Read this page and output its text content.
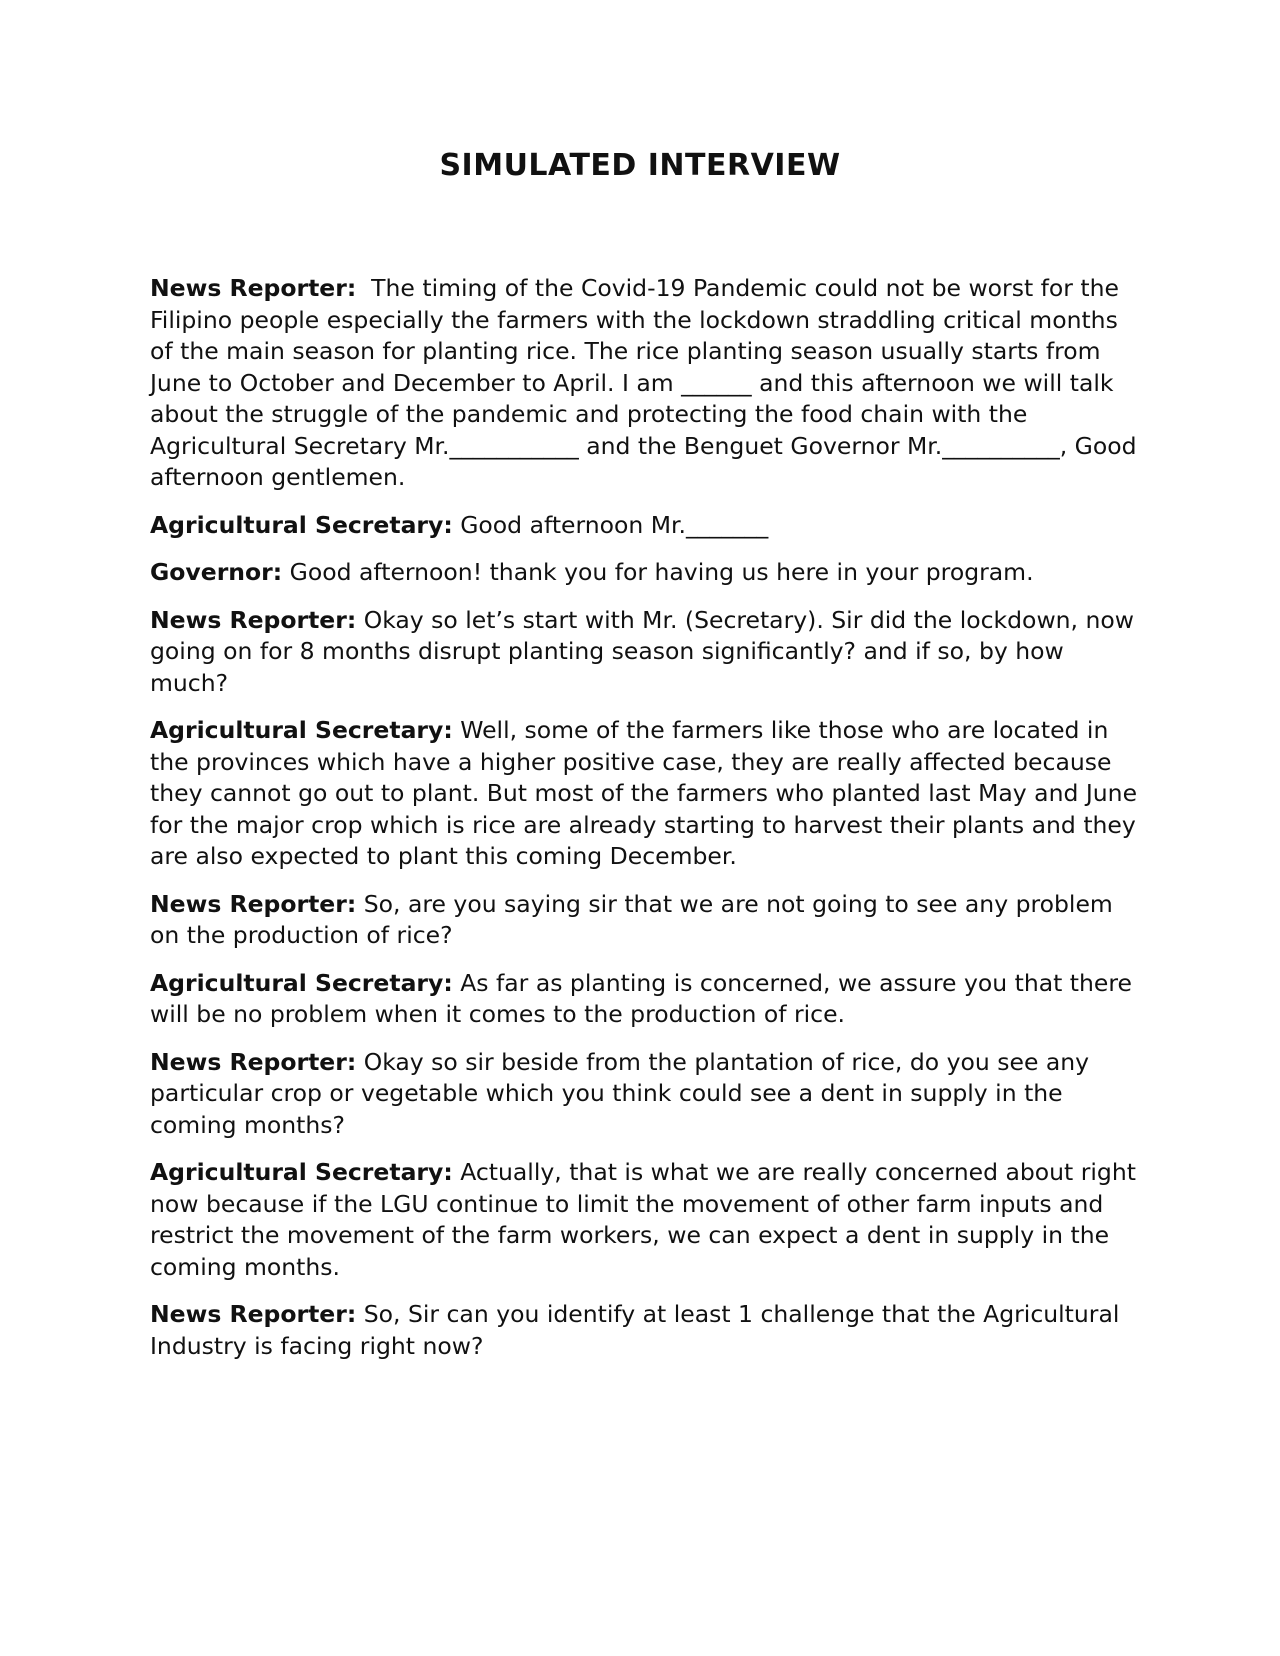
SIMULATED INTERVIEW

News Reporter:  The timing of the Covid-19 Pandemic could not be worst for the Filipino people especially the farmers with the lockdown straddling critical months of the main season for planting rice. The rice planting season usually starts from June to October and December to April. I am ______ and this afternoon we will talk about the struggle of the pandemic and protecting the food chain with the Agricultural Secretary Mr.___________ and the Benguet Governor Mr.__________, Good afternoon gentlemen.

Agricultural Secretary: Good afternoon Mr._______

Governor: Good afternoon! thank you for having us here in your program.

News Reporter: Okay so let’s start with Mr. (Secretary). Sir did the lockdown, now going on for 8 months disrupt planting season significantly? and if so, by how much?

Agricultural Secretary: Well, some of the farmers like those who are located in the provinces which have a higher positive case, they are really affected because they cannot go out to plant. But most of the farmers who planted last May and June for the major crop which is rice are already starting to harvest their plants and they are also expected to plant this coming December.

News Reporter: So, are you saying sir that we are not going to see any problem on the production of rice?

Agricultural Secretary: As far as planting is concerned, we assure you that there will be no problem when it comes to the production of rice.

News Reporter: Okay so sir beside from the plantation of rice, do you see any particular crop or vegetable which you think could see a dent in supply in the coming months?

Agricultural Secretary: Actually, that is what we are really concerned about right now because if the LGU continue to limit the movement of other farm inputs and restrict the movement of the farm workers, we can expect a dent in supply in the coming months.

News Reporter: So, Sir can you identify at least 1 challenge that the Agricultural Industry is facing right now?
